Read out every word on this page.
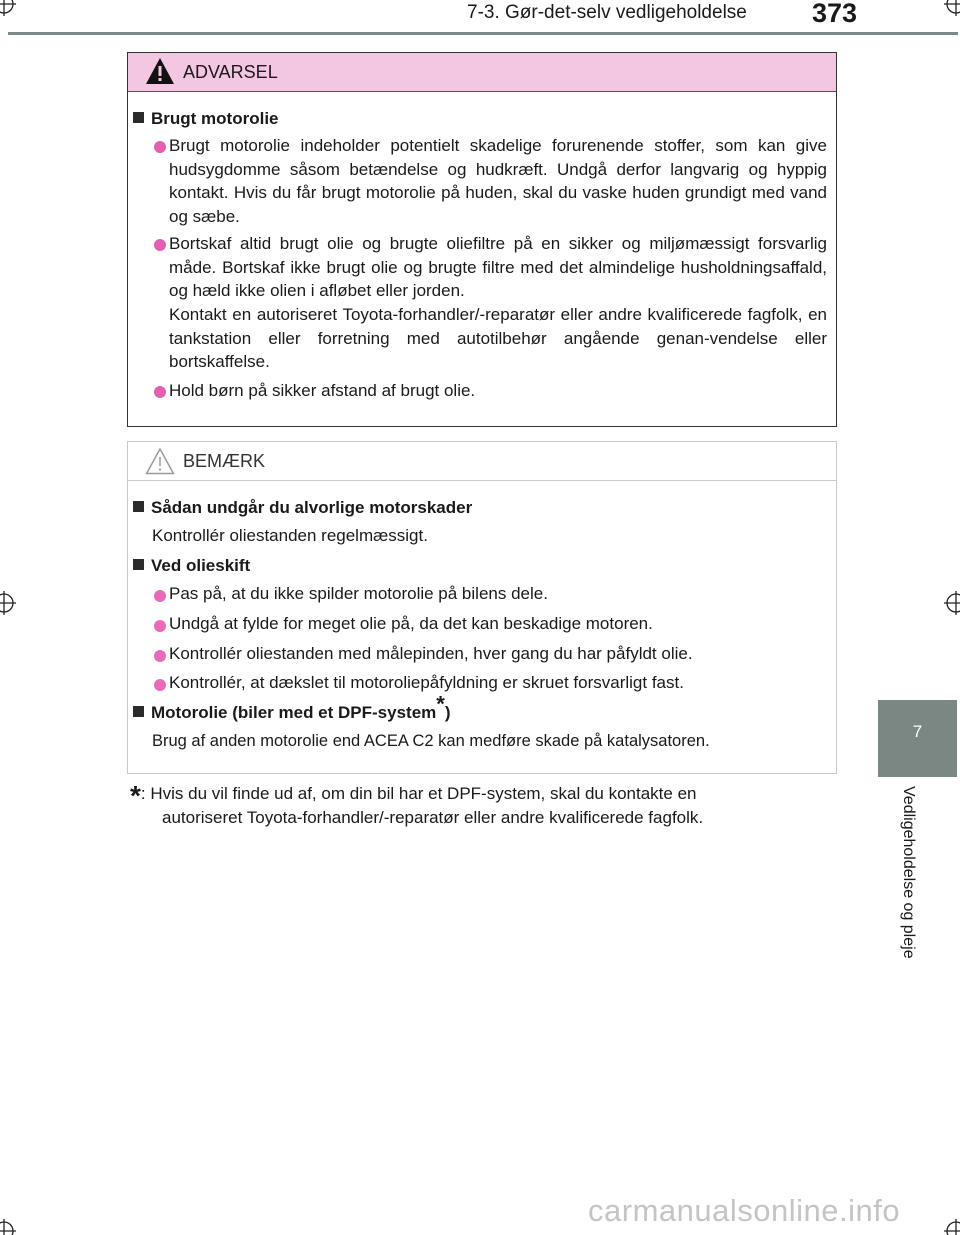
7-3. Gør-det-selv vedligeholdelse 373
7
Vedligeholdelse og pleje
ADVARSEL
Brugt motorolie
Brugt motorolie indeholder potentielt skadelige forurenende stoffer, som kan give hudsygdomme såsom betændelse og hudkræft. Undgå derfor langvarig og hyppig kontakt. Hvis du får brugt motorolie på huden, skal du vaske huden grundigt med vand og sæbe.
Bortskaf altid brugt olie og brugte oliefiltre på en sikker og miljømæssigt forsvarlig måde. Bortskaf ikke brugt olie og brugte filtre med det almindelige husholdningsaffald, og hæld ikke olien i afløbet eller jorden.
Kontakt en autoriseret Toyota-forhandler/-reparatør eller andre kvalificerede fagfolk, en tankstation eller forretning med autotilbehør angående genan-vendelse eller bortskaffelse.
Hold børn på sikker afstand af brugt olie.
BEMÆRK
Sådan undgår du alvorlige motorskader
Kontrollér oliestanden regelmæssigt.
Ved olieskift
Pas på, at du ikke spilder motorolie på bilens dele.
Undgå at fylde for meget olie på, da det kan beskadige motoren.
Kontrollér oliestanden med målepinden, hver gang du har påfyldt olie.
Kontrollér, at dækslet til motoroliepåfyldning er skruet forsvarligt fast.
Motorolie (biler med et DPF-system*)
Brug af anden motorolie end ACEA C2 kan medføre skade på katalysatoren.
*: Hvis du vil finde ud af, om din bil har et DPF-system, skal du kontakte en
autoriseret Toyota-forhandler/-reparatør eller andre kvalificerede fagfolk.
carmanualsonline.info
